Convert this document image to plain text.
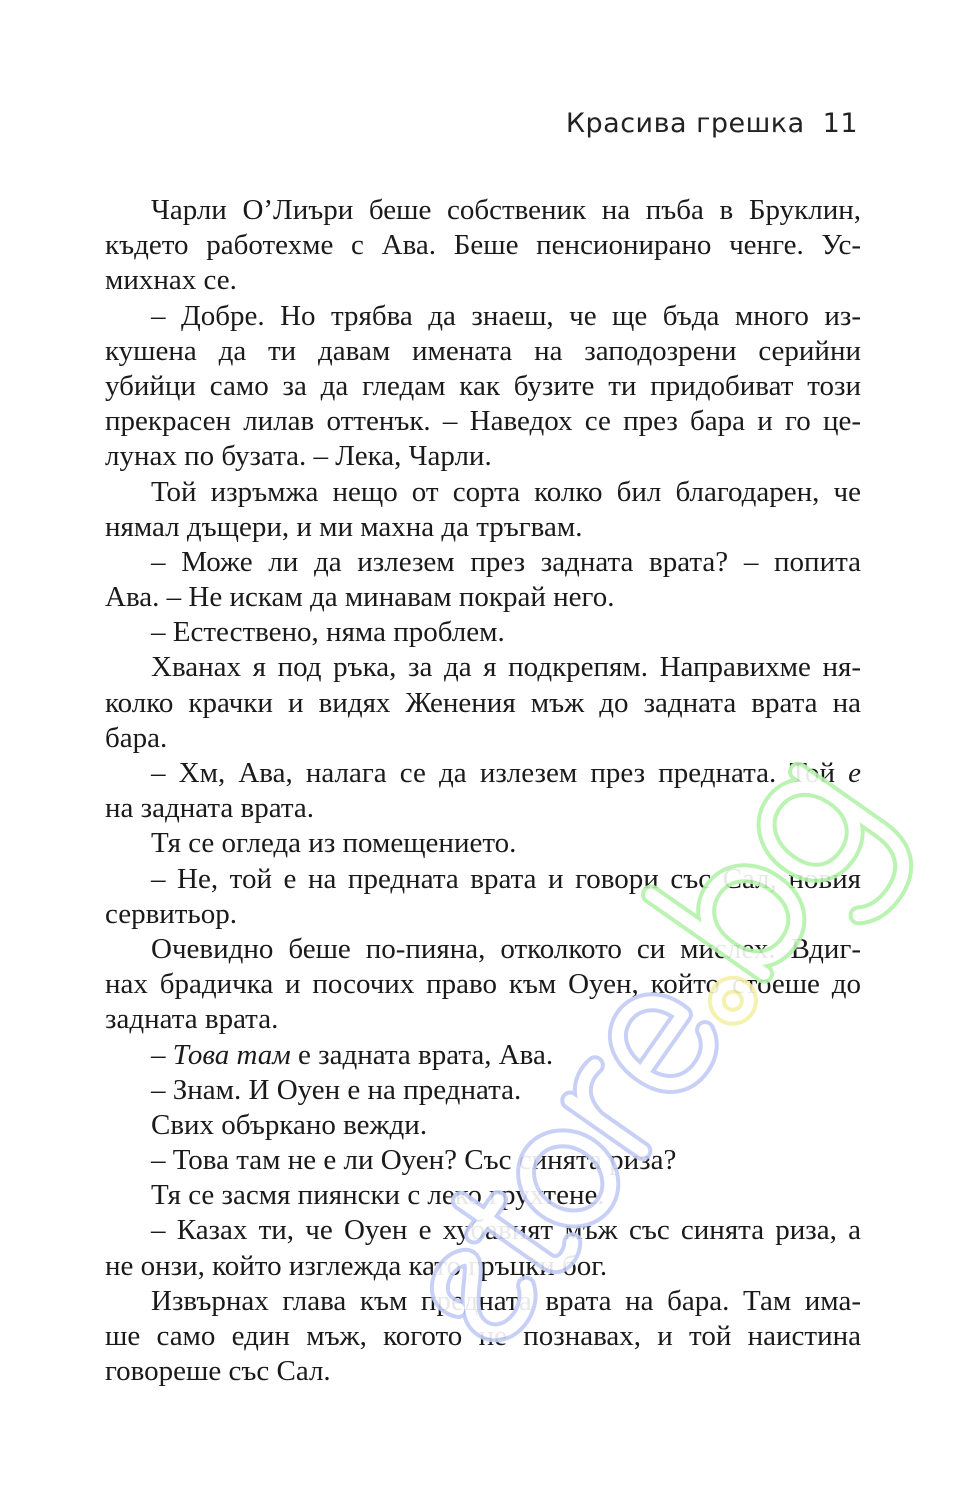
Красива грешка 11
Чарли О’Лиъри беше собственик на пъба в Бруклин,
където работехме с Ава. Беше пенсионирано ченге. Ус-
михнах се.
– Добре. Но трябва да знаеш, че ще бъда много из-
кушена да ти давам имената на заподозрени серийни
убийци само за да гледам как бузите ти придобиват този
прекрасен лилав оттенък. – Наведох се през бара и го це-
лунах по бузата. – Лека, Чарли.
Той изръмжа нещо от сорта колко бил благодарен, че
нямал дъщери, и ми махна да тръгвам.
– Може ли да излезем през задната врата? – попита
Ава. – Не искам да минавам покрай него.
– Естествено, няма проблем.
Хванах я под ръка, за да я подкрепям. Направихме ня-
колко крачки и видях Женения мъж до задната врата на
бара.
– Хм, Ава, налага се да излезем през предната. Той е
на задната врата.
Тя се огледа из помещението.
– Не, той е на предната врата и говори със Сал, новия
сервитьор.
Очевидно беше по-пияна, отколкото си мислех. Вдиг-
нах брадичка и посочих право към Оуен, който стоеше до
задната врата.
– Това там е задната врата, Ава.
– Знам. И Оуен е на предната.
Свих объркано вежди.
– Това там не е ли Оуен? Със синята риза?
Тя се засмя пиянски с леко грухтене.
– Казах ти, че Оуен е хубавият мъж със синята риза, а
не онзи, който изглежда като гръцки бог.
Извърнах глава към предната врата на бара. Там има-
ше само един мъж, когото не познавах, и той наистина
говореше със Сал.
